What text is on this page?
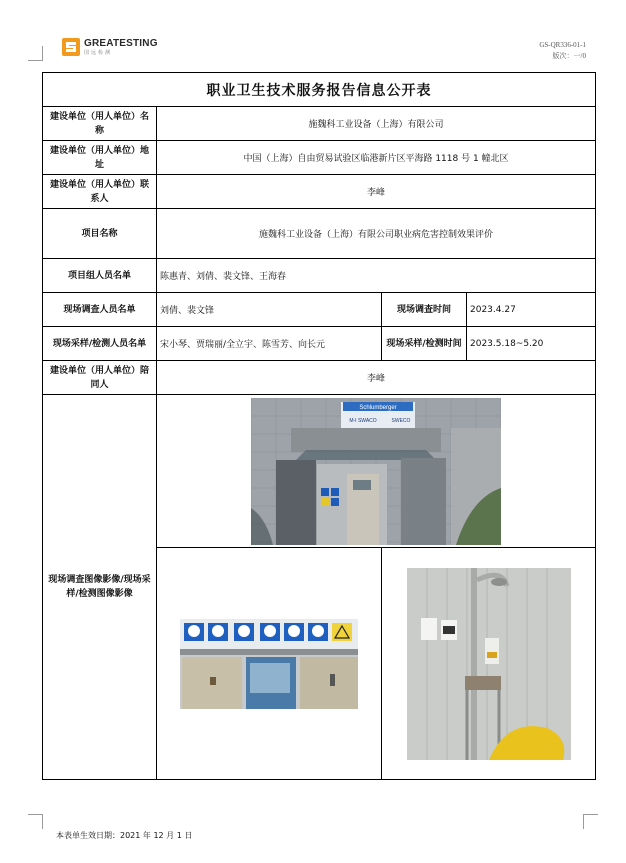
GREATESTING
国远检测
GS-QR336-01-1
版次：一/0
职业卫生技术服务报告信息公开表			
建设单位（用人单位）名称	施魏科工业设备（上海）有限公司		
建设单位（用人单位）地址	中国（上海）自由贸易试验区临港新片区平海路 1118 号 1 幢北区		
建设单位（用人单位）联系人	李峰		
项目名称	施魏科工业设备（上海）有限公司职业病危害控制效果评价		
项目组人员名单	陈惠青、刘倩、裴文锋、王海春		
现场调查人员名单	刘倩、裴文锋	现场调查时间	2023.4.27
现场采样/检测人员名单	宋小琴、贾瑞丽/全立宇、陈雪芳、向长元	现场采样/检测时间	2023.5.18~5.20
建设单位（用人单位）陪同人	李峰		
现场调查图像影像/现场采样/检测图像影像	Schlumberger
M-I SWACO SWECO		

本表单生效日期：2021 年 12 月 1 日
